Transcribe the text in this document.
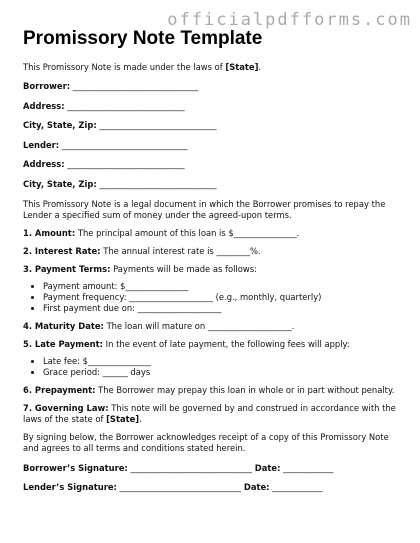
officialpdfforms.com
Promissory Note Template

This Promissory Note is made under the laws of [State].

Borrower: ______________________________

Address: ____________________________

City, State, Zip: ____________________________

Lender: ______________________________

Address: ____________________________

City, State, Zip: ____________________________

This Promissory Note is a legal document in which the Borrower promises to repay the Lender a specified sum of money under the agreed-upon terms.

1. Amount: The principal amount of this loan is $_______________.

2. Interest Rate: The annual interest rate is ________%.

3. Payment Terms: Payments will be made as follows:

• Payment amount: $_______________
• Payment frequency: ____________________ (e.g., monthly, quarterly)
• First payment due on: ____________________

4. Maturity Date: The loan will mature on ____________________.

5. Late Payment: In the event of late payment, the following fees will apply:

• Late fee: $_______________
• Grace period: ______ days

6. Prepayment: The Borrower may prepay this loan in whole or in part without penalty.

7. Governing Law: This note will be governed by and construed in accordance with the laws of the state of [State].

By signing below, the Borrower acknowledges receipt of a copy of this Promissory Note and agrees to all terms and conditions stated herein.

Borrower’s Signature: _____________________________ Date: ____________

Lender’s Signature: _____________________________ Date: ____________
